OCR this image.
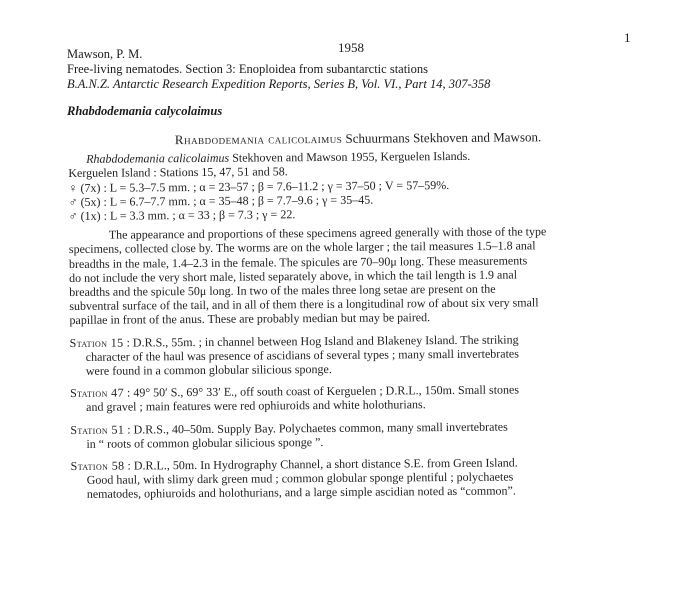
1
1958
Mawson, P. M.
Free-living nematodes. Section 3: Enoploidea from subantarctic stations
B.A.N.Z. Antarctic Research Expedition Reports, Series B, Vol. VI., Part 14, 307-358
Rhabdodemania calycolaimus
Rhabdodemania calicolaimus Schuurmans Stekhoven and Mawson.
Rhabdodemania calicolaimus Stekhoven and Mawson 1955, Kerguelen Islands.
Kerguelen Island : Stations 15, 47, 51 and 58.
♀ (7x) : L = 5.3–7.5 mm. ; α = 23–57 ; β = 7.6–11.2 ; γ = 37–50 ; V = 57–59%.
♂ (5x) : L = 6.7–7.7 mm. ; α = 35–48 ; β = 7.7–9.6 ; γ = 35–45.
♂ (1x) : L = 3.3 mm. ; α = 33 ; β = 7.3 ; γ = 22.
The appearance and proportions of these specimens agreed generally with those of the type
specimens, collected close by. The worms are on the whole larger ; the tail measures 1.5–1.8 anal
breadths in the male, 1.4–2.3 in the female. The spicules are 70–90μ long. These measurements
do not include the very short male, listed separately above, in which the tail length is 1.9 anal
breadths and the spicule 50μ long. In two of the males three long setae are present on the
subventral surface of the tail, and in all of them there is a longitudinal row of about six very small
papillae in front of the anus. These are probably median but may be paired.
Station 15 : D.R.S., 55m. ; in channel between Hog Island and Blakeney Island. The striking
character of the haul was presence of ascidians of several types ; many small invertebrates
were found in a common globular silicious sponge.
Station 47 : 49° 50′ S., 69° 33′ E., off south coast of Kerguelen ; D.R.L., 150m. Small stones
and gravel ; main features were red ophiuroids and white holothurians.
Station 51 : D.R.S., 40–50m. Supply Bay. Polychaetes common, many small invertebrates
in “ roots of common globular silicious sponge ”.
Station 58 : D.R.L., 50m. In Hydrography Channel, a short distance S.E. from Green Island.
Good haul, with slimy dark green mud ; common globular sponge plentiful ; polychaetes
nematodes, ophiuroids and holothurians, and a large simple ascidian noted as “common”.
